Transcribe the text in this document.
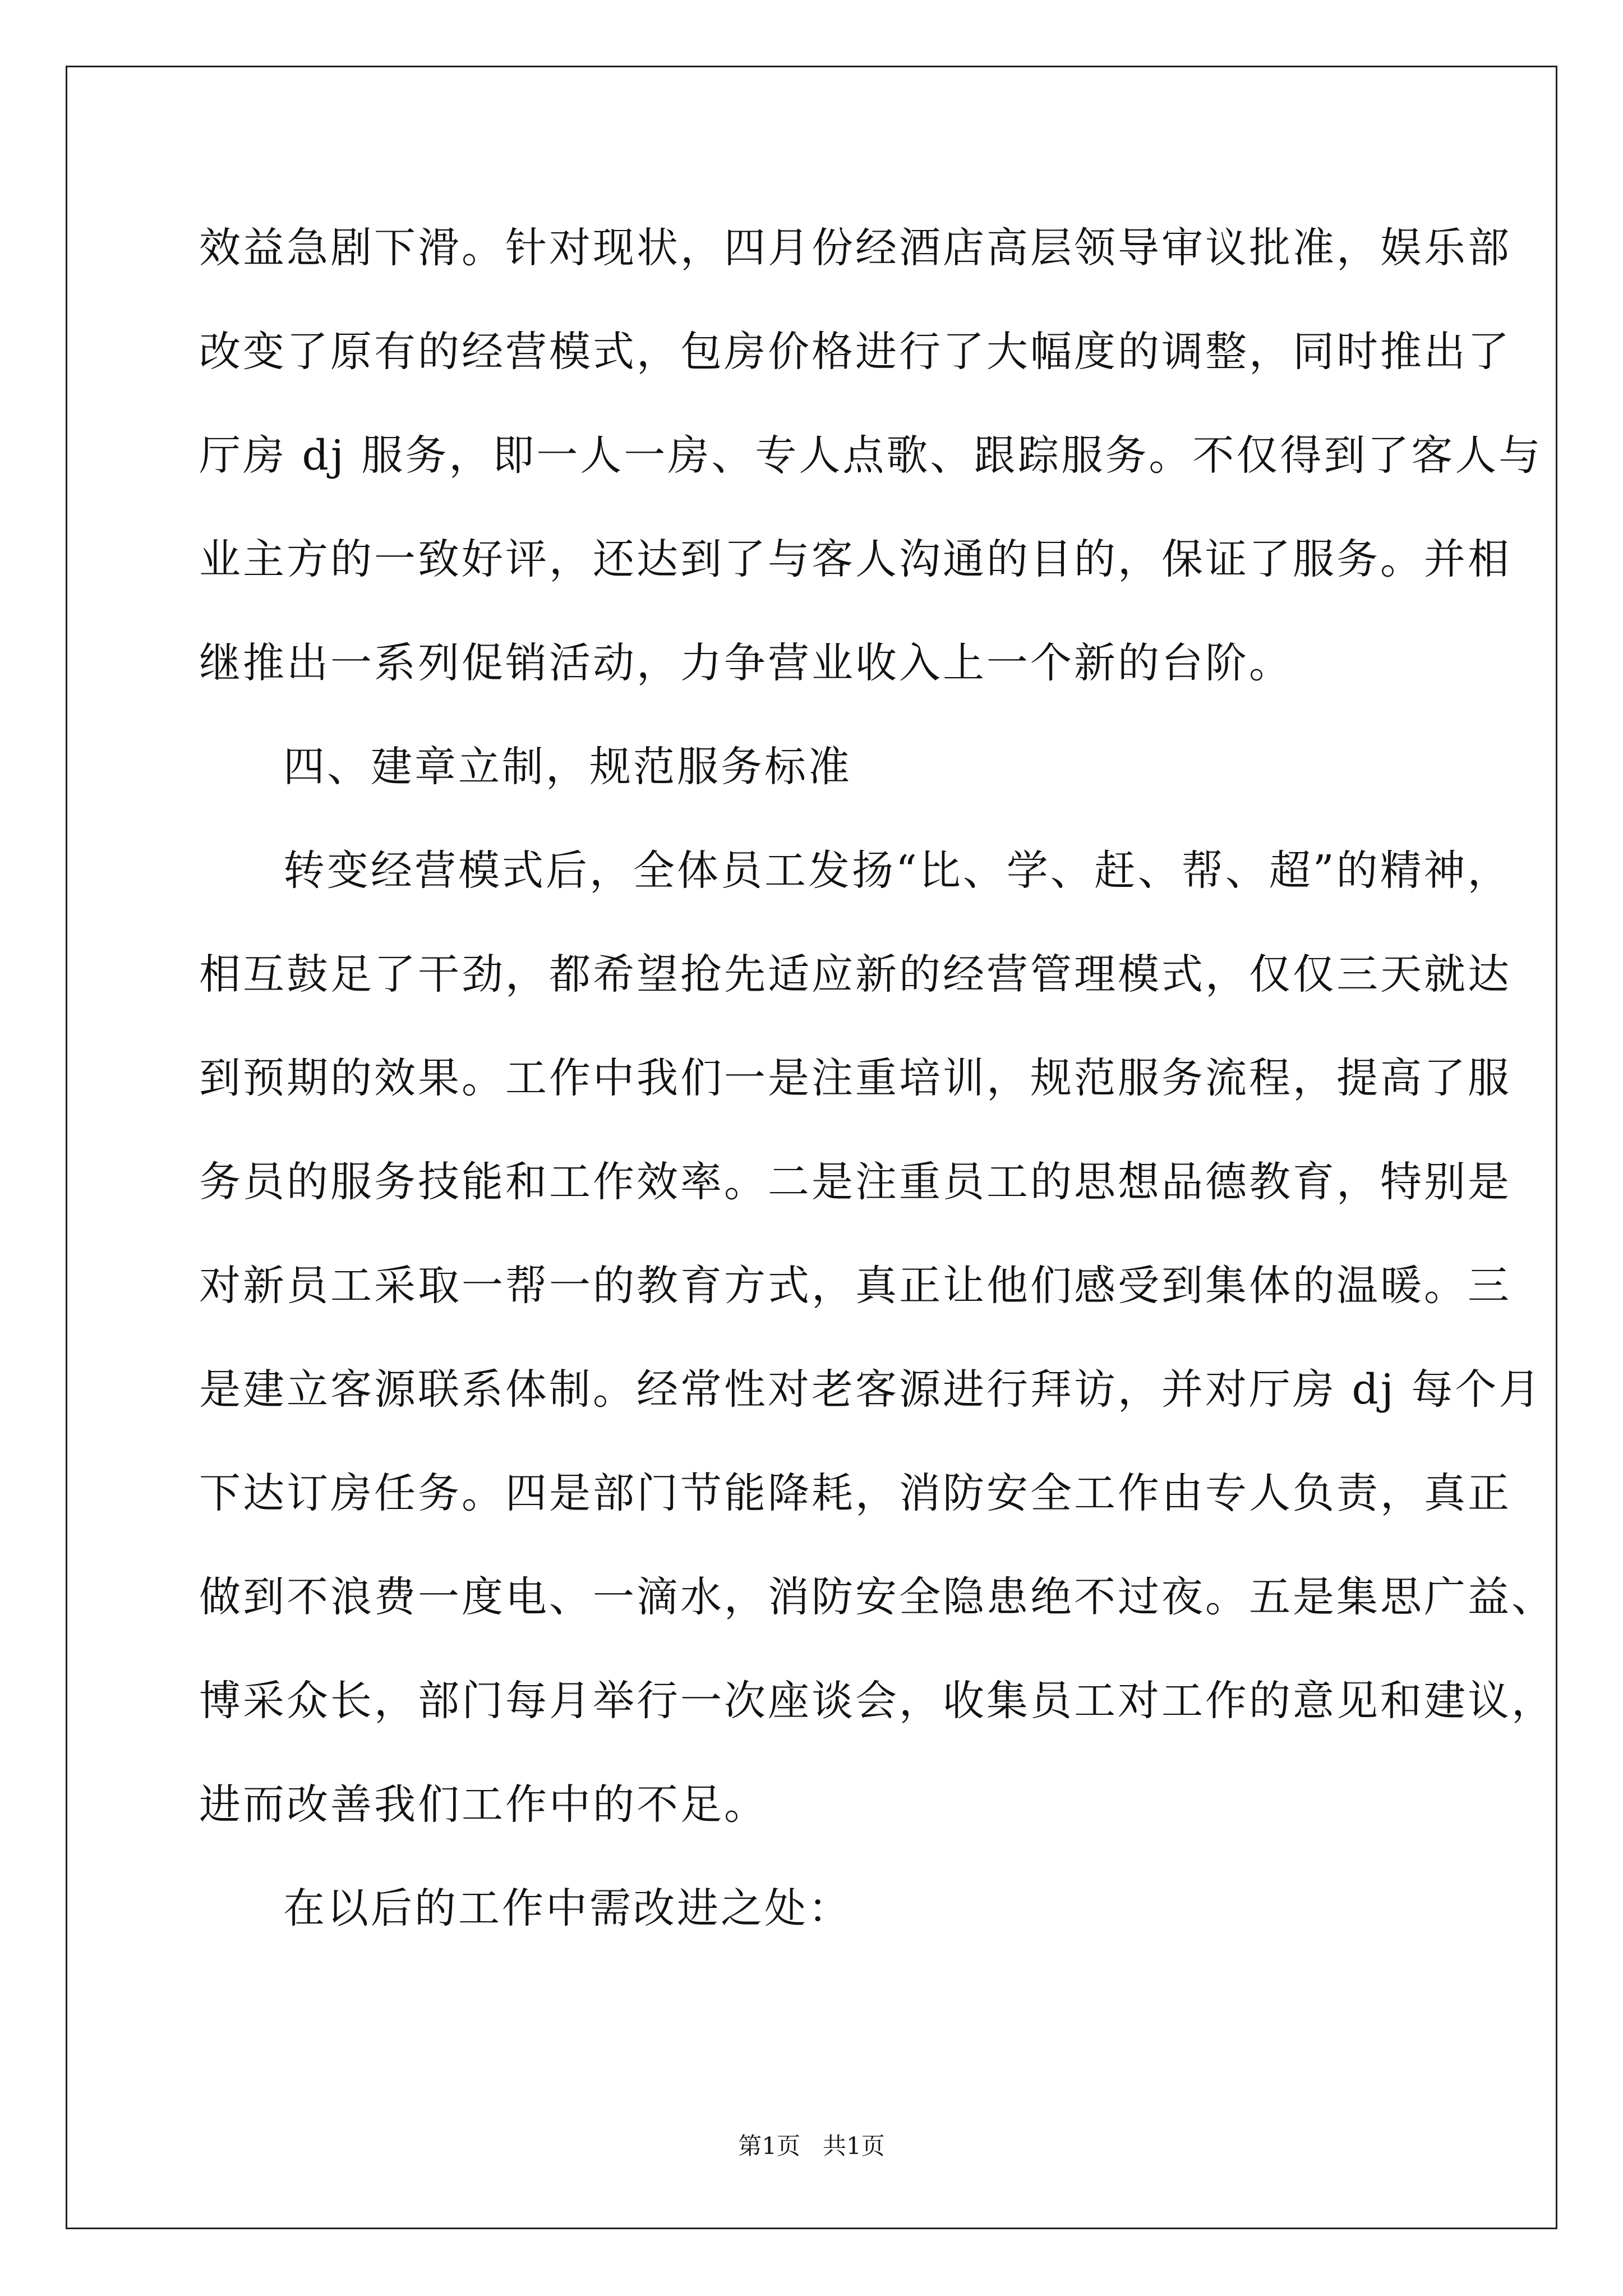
效益急剧下滑。针对现状，四月份经酒店高层领导审议批准，娱乐部
改变了原有的经营模式，包房价格进行了大幅度的调整，同时推出了
厅房 dj 服务，即一人一房、专人点歌、跟踪服务。不仅得到了客人与
业主方的一致好评，还达到了与客人沟通的目的，保证了服务。并相
继推出一系列促销活动，力争营业收入上一个新的台阶。
四、建章立制，规范服务标准
转变经营模式后，全体员工发扬“比、学、赶、帮、超”的精神，
相互鼓足了干劲，都希望抢先适应新的经营管理模式，仅仅三天就达
到预期的效果。工作中我们一是注重培训，规范服务流程，提高了服
务员的服务技能和工作效率。二是注重员工的思想品德教育，特别是
对新员工采取一帮一的教育方式，真正让他们感受到集体的温暖。三
是建立客源联系体制。经常性对老客源进行拜访，并对厅房 dj 每个月
下达订房任务。四是部门节能降耗，消防安全工作由专人负责，真正
做到不浪费一度电、一滴水，消防安全隐患绝不过夜。五是集思广益、
博采众长，部门每月举行一次座谈会，收集员工对工作的意见和建议，
进而改善我们工作中的不足。
在以后的工作中需改进之处：
第1页   共1页
